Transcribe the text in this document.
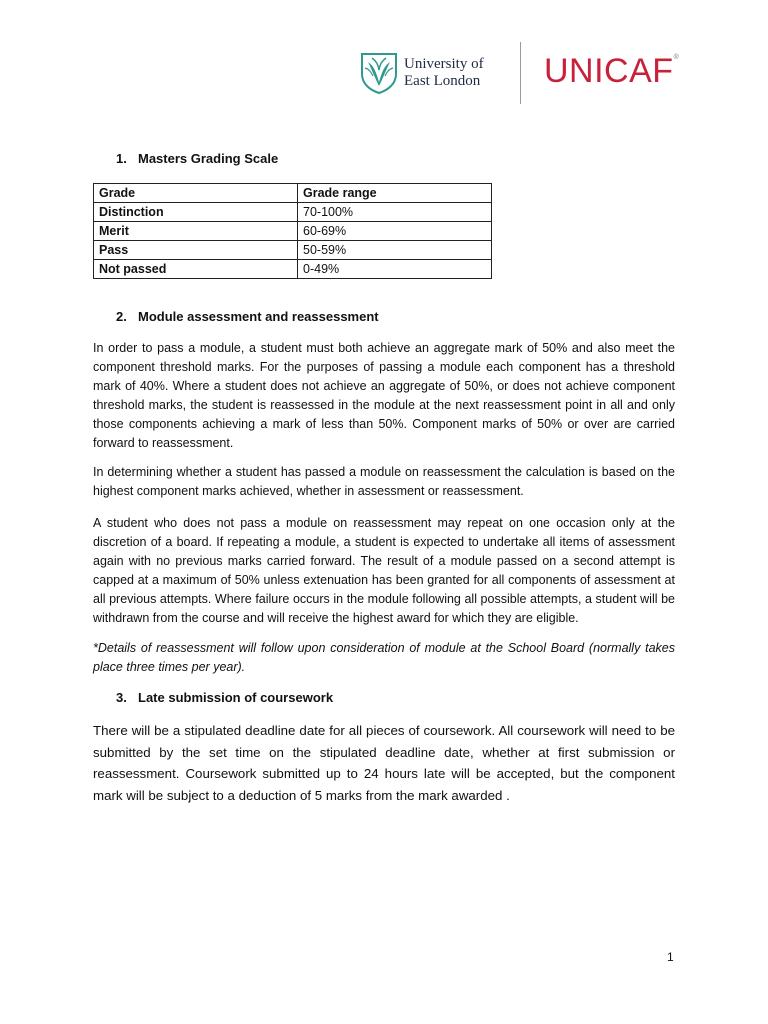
University of
East London UNICAF®
1. Masters Grading Scale
Grade	Grade range
Distinction	70-100%
Merit	60-69%
Pass	50-59%
Not passed	0-49%
2. Module assessment and reassessment

In order to pass a module, a student must both achieve an aggregate mark of 50% and also meet the component threshold marks. For the purposes of passing a module each component has a threshold mark of 40%. Where a student does not achieve an aggregate of 50%, or does not achieve component threshold marks, the student is reassessed in the module at the next reassessment point in all and only those components achieving a mark of less than 50%. Component marks of 50% or over are carried forward to reassessment.

In determining whether a student has passed a module on reassessment the calculation is based on the highest component marks achieved, whether in assessment or reassessment.

A student who does not pass a module on reassessment may repeat on one occasion only at the discretion of a board. If repeating a module, a student is expected to undertake all items of assessment again with no previous marks carried forward. The result of a module passed on a second attempt is capped at a maximum of 50% unless extenuation has been granted for all components of assessment at all previous attempts. Where failure occurs in the module following all possible attempts, a student will be withdrawn from the course and will receive the highest award for which they are eligible.

*Details of reassessment will follow upon consideration of module at the School Board (normally takes place three times per year).

3. Late submission of coursework

There will be a stipulated deadline date for all pieces of coursework. All coursework will need to be submitted by the set time on the stipulated deadline date, whether at first submission or reassessment. Coursework submitted up to 24 hours late will be accepted, but the component mark will be subject to a deduction of 5 marks from the mark awarded .

1
